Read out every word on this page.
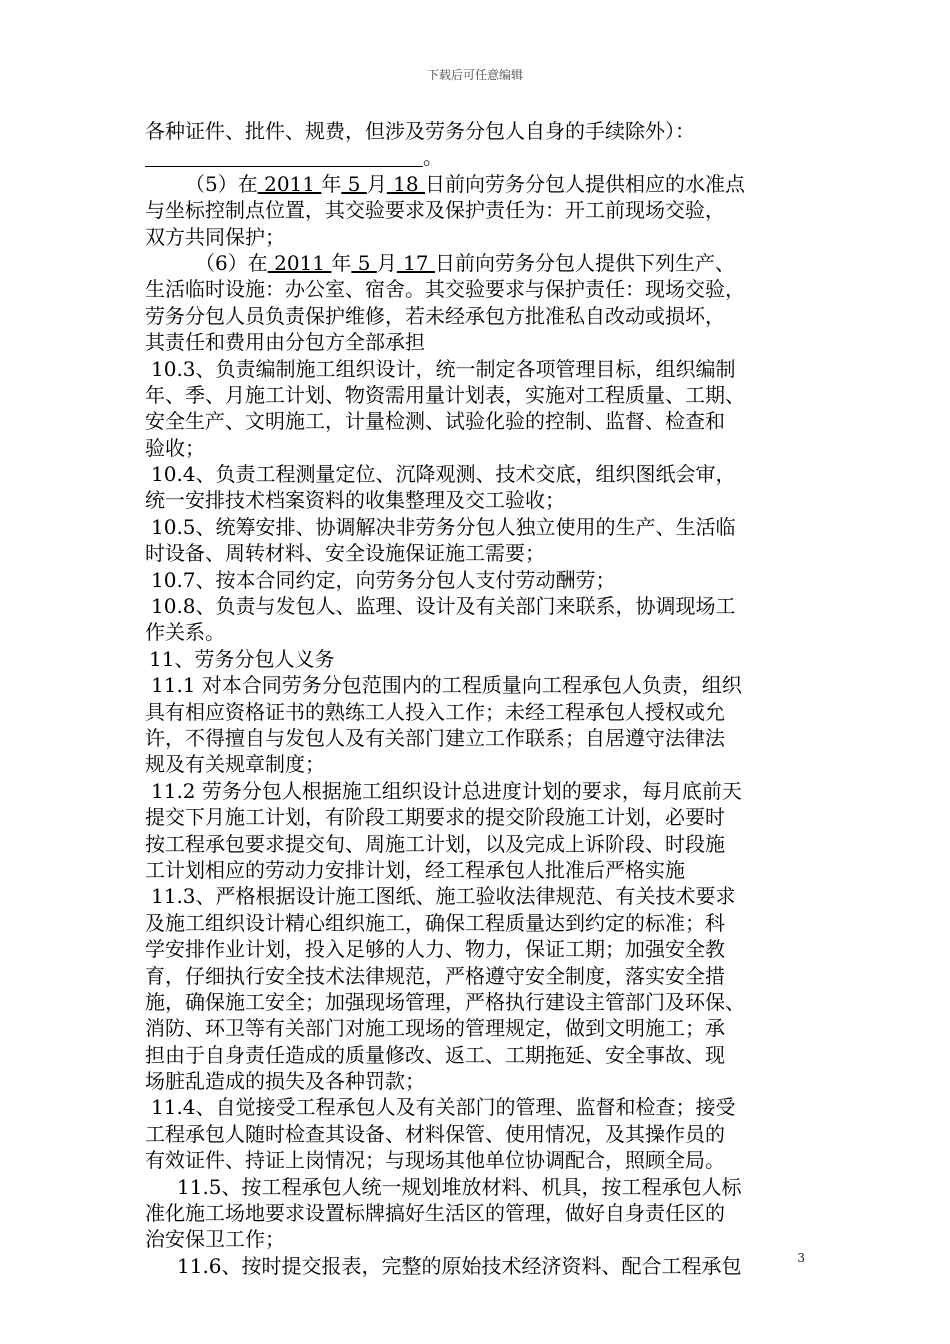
下载后可任意编辑
各种证件、批件、规费，但涉及劳务分包人自身的手续除外）：
。
（5）在 2011 年 5 月 18 日前向劳务分包人提供相应的水准点
与坐标控制点位置，其交验要求及保护责任为：开工前现场交验，
双方共同保护；
（6）在 2011 年 5 月 17 日前向劳务分包人提供下列生产、
生活临时设施：办公室、宿舍。其交验要求与保护责任：现场交验，
劳务分包人员负责保护维修，若未经承包方批准私自改动或损坏，
其责任和费用由分包方全部承担
10.3、负责编制施工组织设计，统一制定各项管理目标，组织编制
年、季、月施工计划、物资需用量计划表，实施对工程质量、工期、
安全生产、文明施工，计量检测、试验化验的控制、监督、检查和
验收；
10.4、负责工程测量定位、沉降观测、技术交底，组织图纸会审，
统一安排技术档案资料的收集整理及交工验收；
10.5、统筹安排、协调解决非劳务分包人独立使用的生产、生活临
时设备、周转材料、安全设施保证施工需要；
10.7、按本合同约定，向劳务分包人支付劳动酬劳；
10.8、负责与发包人、监理、设计及有关部门来联系，协调现场工
作关系。
11、劳务分包人义务
11.1 对本合同劳务分包范围内的工程质量向工程承包人负责，组织
具有相应资格证书的熟练工人投入工作；未经工程承包人授权或允
许，不得擅自与发包人及有关部门建立工作联系；自居遵守法律法
规及有关规章制度；
11.2 劳务分包人根据施工组织设计总进度计划的要求，每月底前天
提交下月施工计划，有阶段工期要求的提交阶段施工计划，必要时
按工程承包要求提交旬、周施工计划，以及完成上诉阶段、时段施
工计划相应的劳动力安排计划，经工程承包人批准后严格实施
11.3、严格根据设计施工图纸、施工验收法律规范、有关技术要求
及施工组织设计精心组织施工，确保工程质量达到约定的标准；科
学安排作业计划，投入足够的人力、物力，保证工期；加强安全教
育，仔细执行安全技术法律规范，严格遵守安全制度，落实安全措
施，确保施工安全；加强现场管理，严格执行建设主管部门及环保、
消防、环卫等有关部门对施工现场的管理规定，做到文明施工；承
担由于自身责任造成的质量修改、返工、工期拖延、安全事故、现
场脏乱造成的损失及各种罚款；
11.4、自觉接受工程承包人及有关部门的管理、监督和检查；接受
工程承包人随时检查其设备、材料保管、使用情况，及其操作员的
有效证件、持证上岗情况；与现场其他单位协调配合，照顾全局。
11.5、按工程承包人统一规划堆放材料、机具，按工程承包人标
准化施工场地要求设置标牌搞好生活区的管理，做好自身责任区的
治安保卫工作；
11.6、按时提交报表，完整的原始技术经济资料、配合工程承包	3
